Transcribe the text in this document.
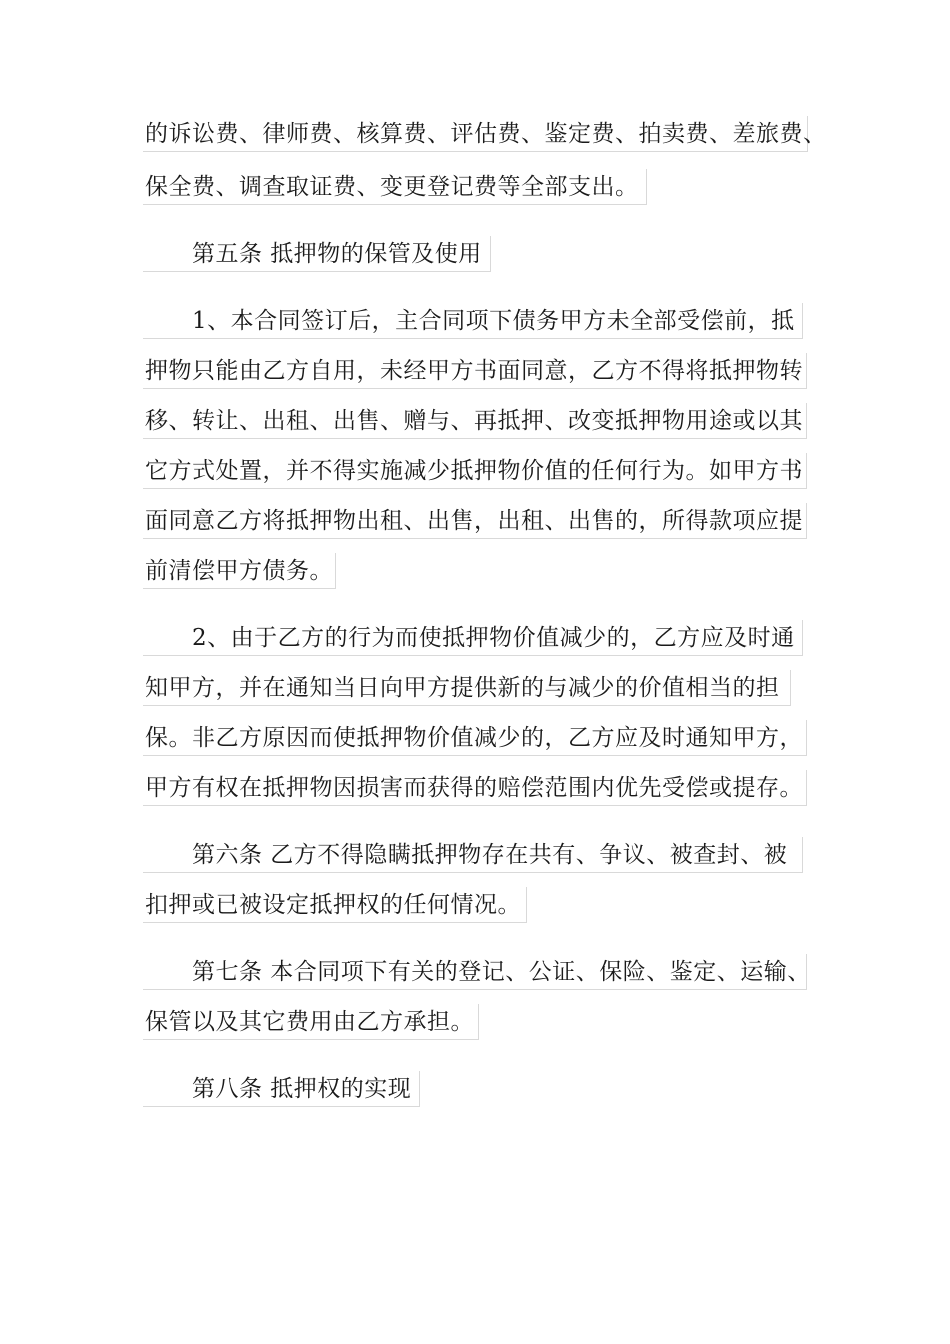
的诉讼费、律师费、核算费、评估费、鉴定费、拍卖费、差旅费、
保全费、调查取证费、变更登记费等全部支出。
第五条 抵押物的保管及使用
1、本合同签订后，主合同项下债务甲方未全部受偿前，抵
押物只能由乙方自用，未经甲方书面同意，乙方不得将抵押物转
移、转让、出租、出售、赠与、再抵押、改变抵押物用途或以其
它方式处置，并不得实施减少抵押物价值的任何行为。如甲方书
面同意乙方将抵押物出租、出售，出租、出售的，所得款项应提
前清偿甲方债务。
2、由于乙方的行为而使抵押物价值减少的，乙方应及时通
知甲方，并在通知当日向甲方提供新的与减少的价值相当的担
保。非乙方原因而使抵押物价值减少的，乙方应及时通知甲方，
甲方有权在抵押物因损害而获得的赔偿范围内优先受偿或提存。
第六条 乙方不得隐瞒抵押物存在共有、争议、被查封、被
扣押或已被设定抵押权的任何情况。
第七条 本合同项下有关的登记、公证、保险、鉴定、运输、
保管以及其它费用由乙方承担。
第八条 抵押权的实现
